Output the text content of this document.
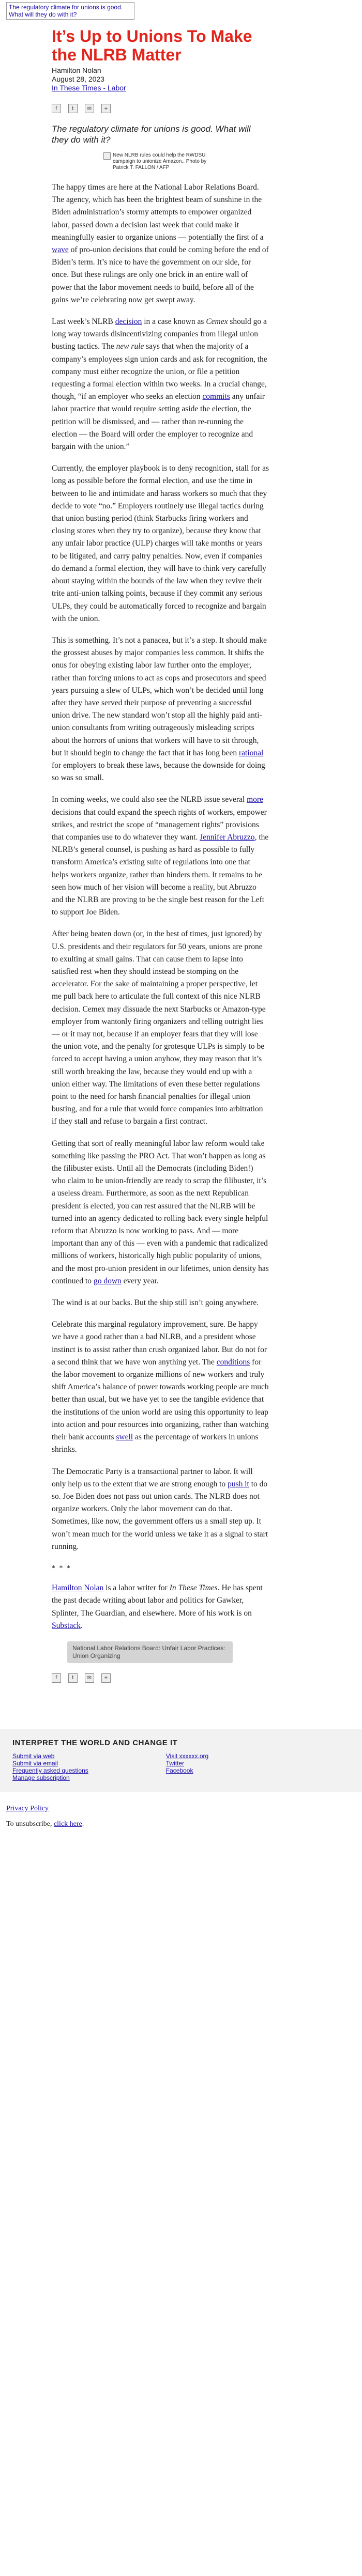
The regulatory climate for unions is good. What will they do with it?
It’s Up to Unions To Make the NLRB Matter
Hamilton Nolan
August 28, 2023
In These Times - Labor
f	t	✉	+
The regulatory climate for unions is good. What will they do with it?
New NLRB rules could help the RWDSU campaign to unionize Amazon.. Photo by Patrick T. FALLON / AFP

The happy times are here at the National Labor Relations Board. The agency, which has been the brightest beam of sunshine in the Biden administration’s stormy attempts to empower organized labor, passed down a decision last week that could make it meaningfully easier to organize unions — potentially the first of a wave of pro-union decisions that could be coming before the end of Biden’s term. It’s nice to have the government on our side, for once. But these rulings are only one brick in an entire wall of power that the labor movement needs to build, before all of the gains we’re celebrating now get swept away.

Last week’s NLRB decision in a case known as Cemex should go a long way towards disincentivizing companies from illegal union busting tactics. The new rule says that when the majority of a company’s employees sign union cards and ask for recognition, the company must either recognize the union, or file a petition requesting a formal election within two weeks. In a crucial change, though, “if an employer who seeks an election commits any unfair labor practice that would require setting aside the election, the petition will be dismissed, and — rather than re-running the election — the Board will order the employer to recognize and bargain with the union.”

Currently, the employer playbook is to deny recognition, stall for as long as possible before the formal election, and use the time in between to lie and intimidate and harass workers so much that they decide to vote “no.” Employers routinely use illegal tactics during that union busting period (think Starbucks firing workers and closing stores when they try to organize), because they know that any unfair labor practice (ULP) charges will take months or years to be litigated, and carry paltry penalties. Now, even if companies do demand a formal election, they will have to think very carefully about staying within the bounds of the law when they revive their trite anti-union talking points, because if they commit any serious ULPs, they could be automatically forced to recognize and bargain with the union.

This is something. It’s not a panacea, but it’s a step. It should make the grossest abuses by major companies less common. It shifts the onus for obeying existing labor law further onto the employer, rather than forcing unions to act as cops and prosecutors and speed years pursuing a slew of ULPs, which won’t be decided until long after they have served their purpose of preventing a successful union drive. The new standard won’t stop all the highly paid anti-union consultants from writing outrageously misleading scripts about the horrors of unions that workers will have to sit through, but it should begin to change the fact that it has long been rational for employers to break these laws, because the downside for doing so was so small.

In coming weeks, we could also see the NLRB issue several more decisions that could expand the speech rights of workers, empower strikes, and restrict the scope of “management rights” provisions that companies use to do whatever they want. Jennifer Abruzzo, the NLRB’s general counsel, is pushing as hard as possible to fully transform America’s existing suite of regulations into one that helps workers organize, rather than hinders them. It remains to be seen how much of her vision will become a reality, but Abruzzo and the NLRB are proving to be the single best reason for the Left to support Joe Biden.

After being beaten down (or, in the best of times, just ignored) by U.S. presidents and their regulators for 50 years, unions are prone to exulting at small gains. That can cause them to lapse into satisfied rest when they should instead be stomping on the accelerator. For the sake of maintaining a proper perspective, let me pull back here to articulate the full context of this nice NLRB decision. Cemex may dissuade the next Starbucks or Amazon-type employer from wantonly firing organizers and telling outright lies — or it may not, because if an employer fears that they will lose the union vote, and the penalty for grotesque ULPs is simply to be forced to accept having a union anyhow, they may reason that it’s still worth breaking the law, because they would end up with a union either way. The limitations of even these better regulations point to the need for harsh financial penalties for illegal union busting, and for a rule that would force companies into arbitration if they stall and refuse to bargain a first contract.

Getting that sort of really meaningful labor law reform would take something like passing the PRO Act. That won’t happen as long as the filibuster exists. Until all the Democrats (including Biden!) who claim to be union-friendly are ready to scrap the filibuster, it’s a useless dream. Furthermore, as soon as the next Republican president is elected, you can rest assured that the NLRB will be turned into an agency dedicated to rolling back every single helpful reform that Abruzzo is now working to pass. And — more important than any of this — even with a pandemic that radicalized millions of workers, historically high public popularity of unions, and the most pro-union president in our lifetimes, union density has continued to go down every year.

The wind is at our backs. But the ship still isn’t going anywhere.

Celebrate this marginal regulatory improvement, sure. Be happy we have a good rather than a bad NLRB, and a president whose instinct is to assist rather than crush organized labor. But do not for a second think that we have won anything yet. The conditions for the labor movement to organize millions of new workers and truly shift America’s balance of power towards working people are much better than usual, but we have yet to see the tangible evidence that the institutions of the union world are using this opportunity to leap into action and pour resources into organizing, rather than watching their bank accounts swell as the percentage of workers in unions shrinks.

The Democratic Party is a transactional partner to labor. It will only help us to the extent that we are strong enough to push it to do so. Joe Biden does not pass out union cards. The NLRB does not organize workers. Only the labor movement can do that. Sometimes, like now, the government offers us a small step up. It won’t mean much for the world unless we take it as a signal to start running.

* * *

Hamilton Nolan is a labor writer for In These Times. He has spent the past decade writing about labor and politics for Gawker, Splinter, The Guardian, and elsewhere. More of his work is on Substack.

National Labor Relations Board: Unfair Labor Practices: Union Organizing
f	t	✉	+
INTERPRET THE WORLD AND CHANGE IT
Submit via web
Submit via email
Frequently asked questions
Manage subscription
Visit xxxxxx.org
Twitter
Facebook
Privacy Policy
To unsubscribe, click here.
